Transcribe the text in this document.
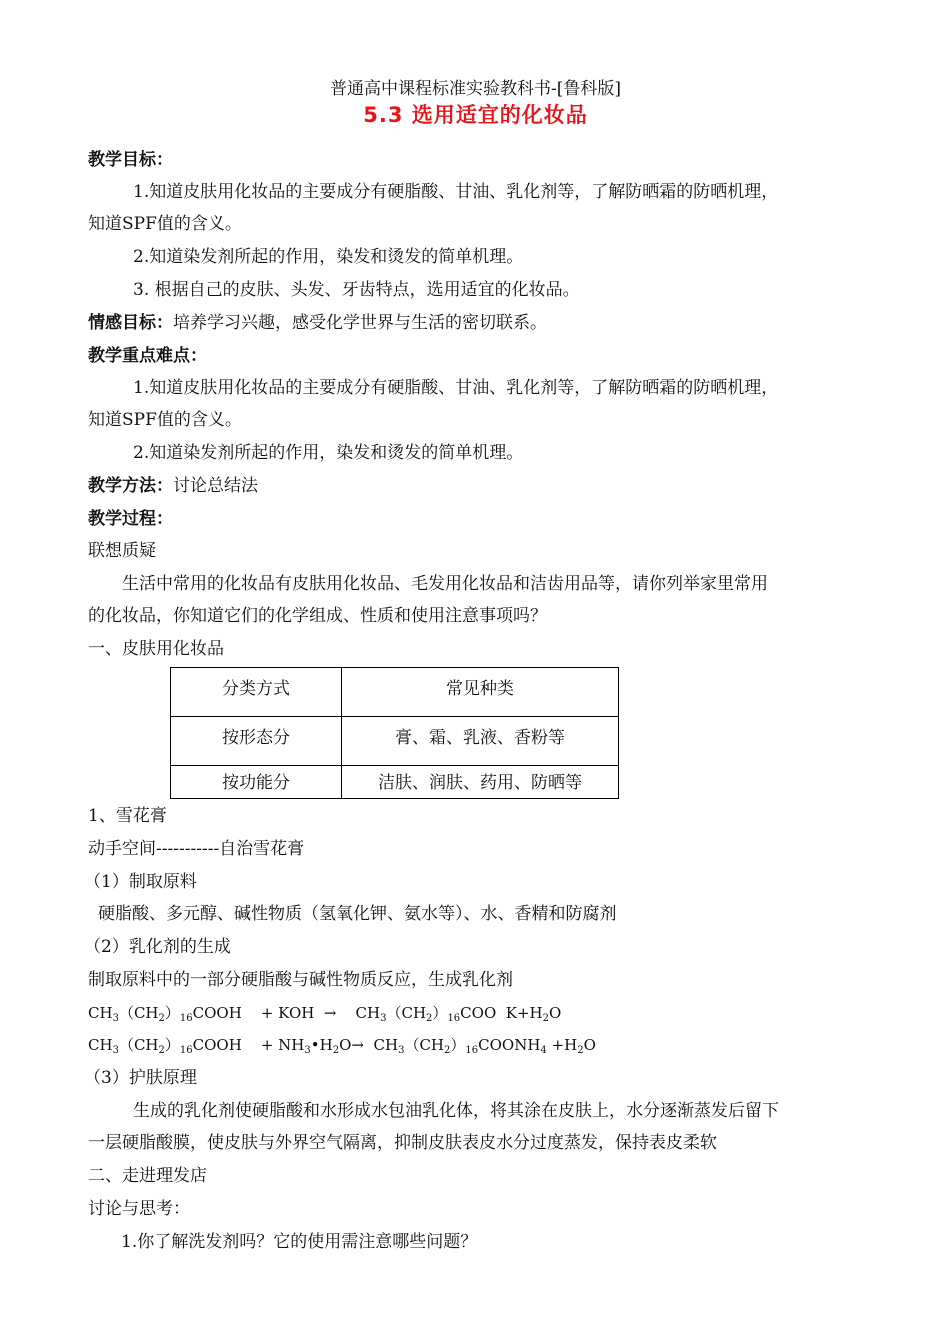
普通高中课程标准实验教科书-[鲁科版]
5.3 选用适宜的化妆品
教学目标：
1.知道皮肤用化妆品的主要成分有硬脂酸、甘油、乳化剂等，了解防晒霜的防晒机理，
知道SPF值的含义。
2.知道染发剂所起的作用，染发和烫发的简单机理。
3. 根据自己的皮肤、头发、牙齿特点，选用适宜的化妆品。
情感目标：培养学习兴趣，感受化学世界与生活的密切联系。
教学重点难点：
1.知道皮肤用化妆品的主要成分有硬脂酸、甘油、乳化剂等，了解防晒霜的防晒机理，
知道SPF值的含义。
2.知道染发剂所起的作用，染发和烫发的简单机理。
教学方法：讨论总结法
教学过程：
联想质疑
生活中常用的化妆品有皮肤用化妆品、毛发用化妆品和洁齿用品等，请你列举家里常用
的化妆品，你知道它们的化学组成、性质和使用注意事项吗？
一、皮肤用化妆品
分类方式	常见种类

按形态分	膏、霜、乳液、香粉等

按功能分	洁肤、润肤、药用、防晒等
1、雪花膏
动手空间-----------自治雪花膏
（1）制取原料
硬脂酸、多元醇、碱性物质（氢氧化钾、氨水等）、水、香精和防腐剂
（2）乳化剂的生成
制取原料中的一部分硬脂酸与碱性物质反应，生成乳化剂
$CH_3(CH_2)_{16}COOH$    + KOH  →    $CH_3(CH_2)_{16}COO$  $K+H_2O$
$CH_3(CH_2)_{16}COOH$    + $NH_3•H_2O\to$  $CH_3(CH_2)_{16}COONH_4 +H_2O$
（3）护肤原理
生成的乳化剂使硬脂酸和水形成水包油乳化体，将其涂在皮肤上，水分逐渐蒸发后留下
一层硬脂酸膜，使皮肤与外界空气隔离，抑制皮肤表皮水分过度蒸发，保持表皮柔软
二、走进理发店
讨论与思考：
1.你了解洗发剂吗？它的使用需注意哪些问题？
